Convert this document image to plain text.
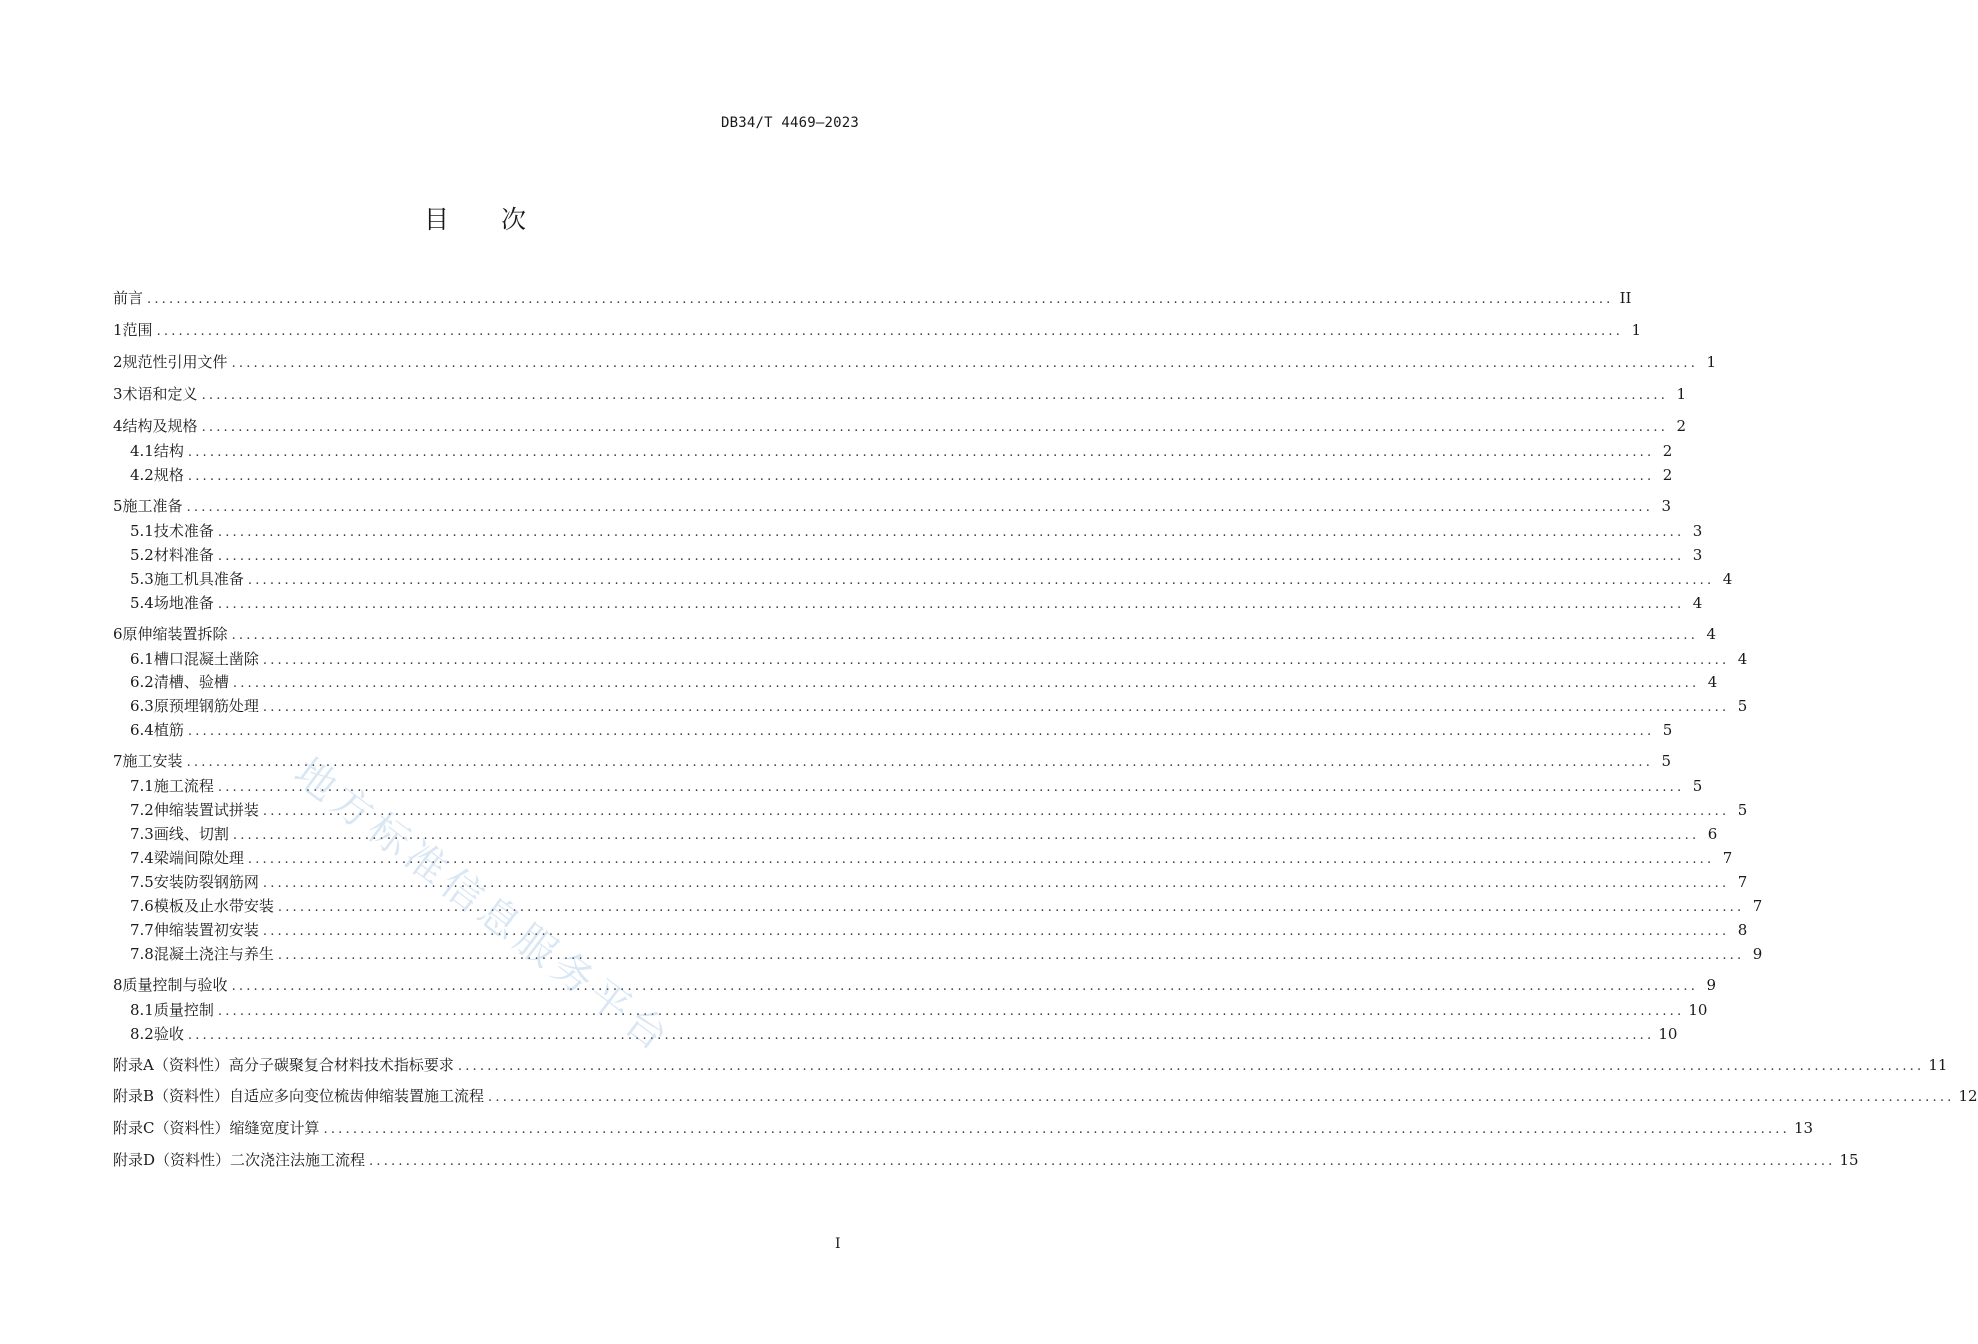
DB34/T 4469—2023
目 次
前言 ........................................................................................................................................................................................................ II
1 范围 ........................................................................................................................................................................................................ 1
2 规范性引用文件 ........................................................................................................................................................................................................ 1
3 术语和定义 ........................................................................................................................................................................................................ 1
4 结构及规格 ........................................................................................................................................................................................................ 2
4.1 结构 ........................................................................................................................................................................................................ 2
4.2 规格 ........................................................................................................................................................................................................ 2
5 施工准备 ........................................................................................................................................................................................................ 3
5.1 技术准备 ........................................................................................................................................................................................................ 3
5.2 材料准备 ........................................................................................................................................................................................................ 3
5.3 施工机具准备 ........................................................................................................................................................................................................ 4
5.4 场地准备 ........................................................................................................................................................................................................ 4
6 原伸缩装置拆除 ........................................................................................................................................................................................................ 4
6.1 槽口混凝土凿除 ........................................................................................................................................................................................................ 4
6.2 清槽、验槽 ........................................................................................................................................................................................................ 4
6.3 原预埋钢筋处理 ........................................................................................................................................................................................................ 5
6.4 植筋 ........................................................................................................................................................................................................ 5
7 施工安装 ........................................................................................................................................................................................................ 5
7.1 施工流程 ........................................................................................................................................................................................................ 5
7.2 伸缩装置试拼装 ........................................................................................................................................................................................................ 5
7.3 画线、切割 ........................................................................................................................................................................................................ 6
7.4 梁端间隙处理 ........................................................................................................................................................................................................ 7
7.5 安装防裂钢筋网 ........................................................................................................................................................................................................ 7
7.6 模板及止水带安装 ........................................................................................................................................................................................................ 7
7.7 伸缩装置初安装 ........................................................................................................................................................................................................ 8
7.8 混凝土浇注与养生 ........................................................................................................................................................................................................ 9
8 质量控制与验收 ........................................................................................................................................................................................................ 9
8.1 质量控制 ........................................................................................................................................................................................................ 10
8.2 验收 ........................................................................................................................................................................................................ 10
附录A（资料性） 高分子碳聚复合材料技术指标要求 ........................................................................................................................................................................................................ 11
附录B（资料性） 自适应多向变位梳齿伸缩装置施工流程 ........................................................................................................................................................................................................ 12
附录C（资料性） 缩缝宽度计算 ........................................................................................................................................................................................................ 13
附录D（资料性） 二次浇注法施工流程 ........................................................................................................................................................................................................ 15
I
地方标准信息服务平台
